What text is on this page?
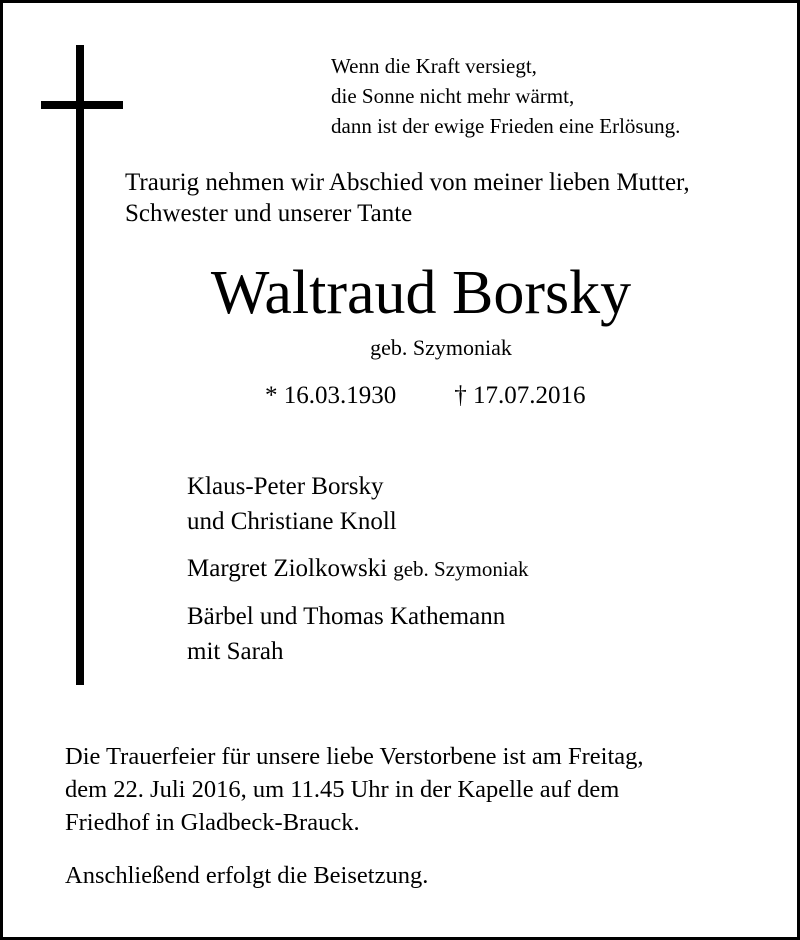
Wenn die Kraft versiegt,
die Sonne nicht mehr wärmt,
dann ist der ewige Frieden eine Erlösung.
Traurig nehmen wir Abschied von meiner lieben Mutter,
Schwester und unserer Tante
Waltraud Borsky
geb. Szymoniak
* 16.03.1930 † 17.07.2016
Klaus-Peter Borsky
und Christiane Knoll
Margret Ziolkowski geb. Szymoniak
Bärbel und Thomas Kathemann
mit Sarah
Die Trauerfeier für unsere liebe Verstorbene ist am Freitag,
dem 22. Juli 2016, um 11.45 Uhr in der Kapelle auf dem
Friedhof in Gladbeck-Brauck.
Anschließend erfolgt die Beisetzung.
